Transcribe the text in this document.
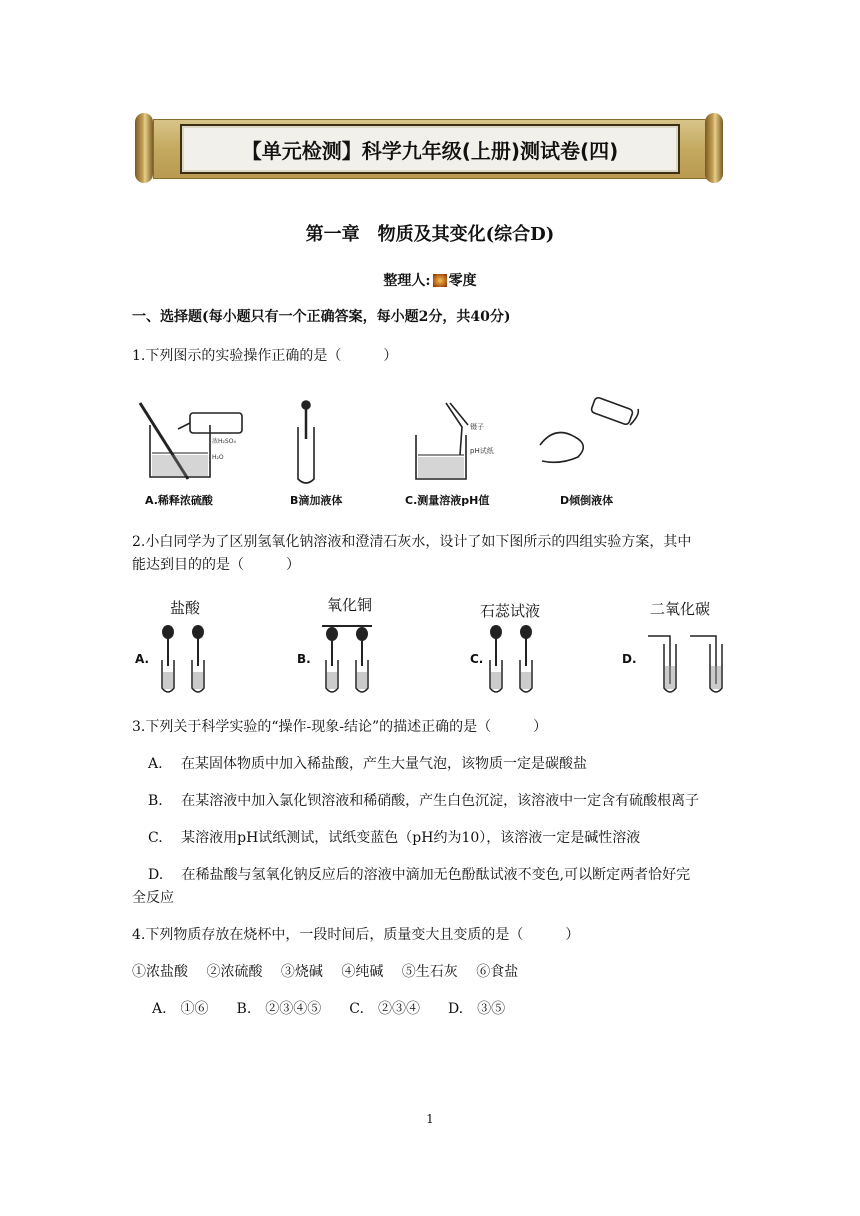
【单元检测】科学九年级(上册)测试卷(四)
第一章　物质及其变化(综合D)
整理人: 零度
一、选择题(每小题只有一个正确答案，每小题2分，共40分)
1.下列图示的实验操作正确的是（　　　）
浓H₂SO₄
H₂O
镊子
pH试纸
A.稀释浓硫酸	B滴加液体	C.测量溶液pH值	D倾倒液体
2.小白同学为了区别氢氧化钠溶液和澄清石灰水，设计了如下图所示的四组实验方案，其中
能达到目的的是（　　　）
盐酸	氧化铜	石蕊试液	二氧化碳
A.	B.	C.	D.
3.下列关于科学实验的“操作-现象-结论”的描述正确的是（　　　）
A.　 在某固体物质中加入稀盐酸，产生大量气泡，该物质一定是碳酸盐
B.　 在某溶液中加入氯化钡溶液和稀硝酸，产生白色沉淀，该溶液中一定含有硫酸根离子
C.　 某溶液用pH试纸测试，试纸变蓝色（pH约为10），该溶液一定是碱性溶液
D.　 在稀盐酸与氢氧化钠反应后的溶液中滴加无色酚酞试液不变色,可以断定两者恰好完
全反应
4.下列物质存放在烧杯中，一段时间后，质量变大且变质的是（　　　）
①浓盐酸　 ②浓硫酸　 ③烧碱　 ④纯碱　 ⑤生石灰　 ⑥食盐
A.　①⑥　　B.　②③④⑤　　C.　②③④　　D.　③⑤
1
